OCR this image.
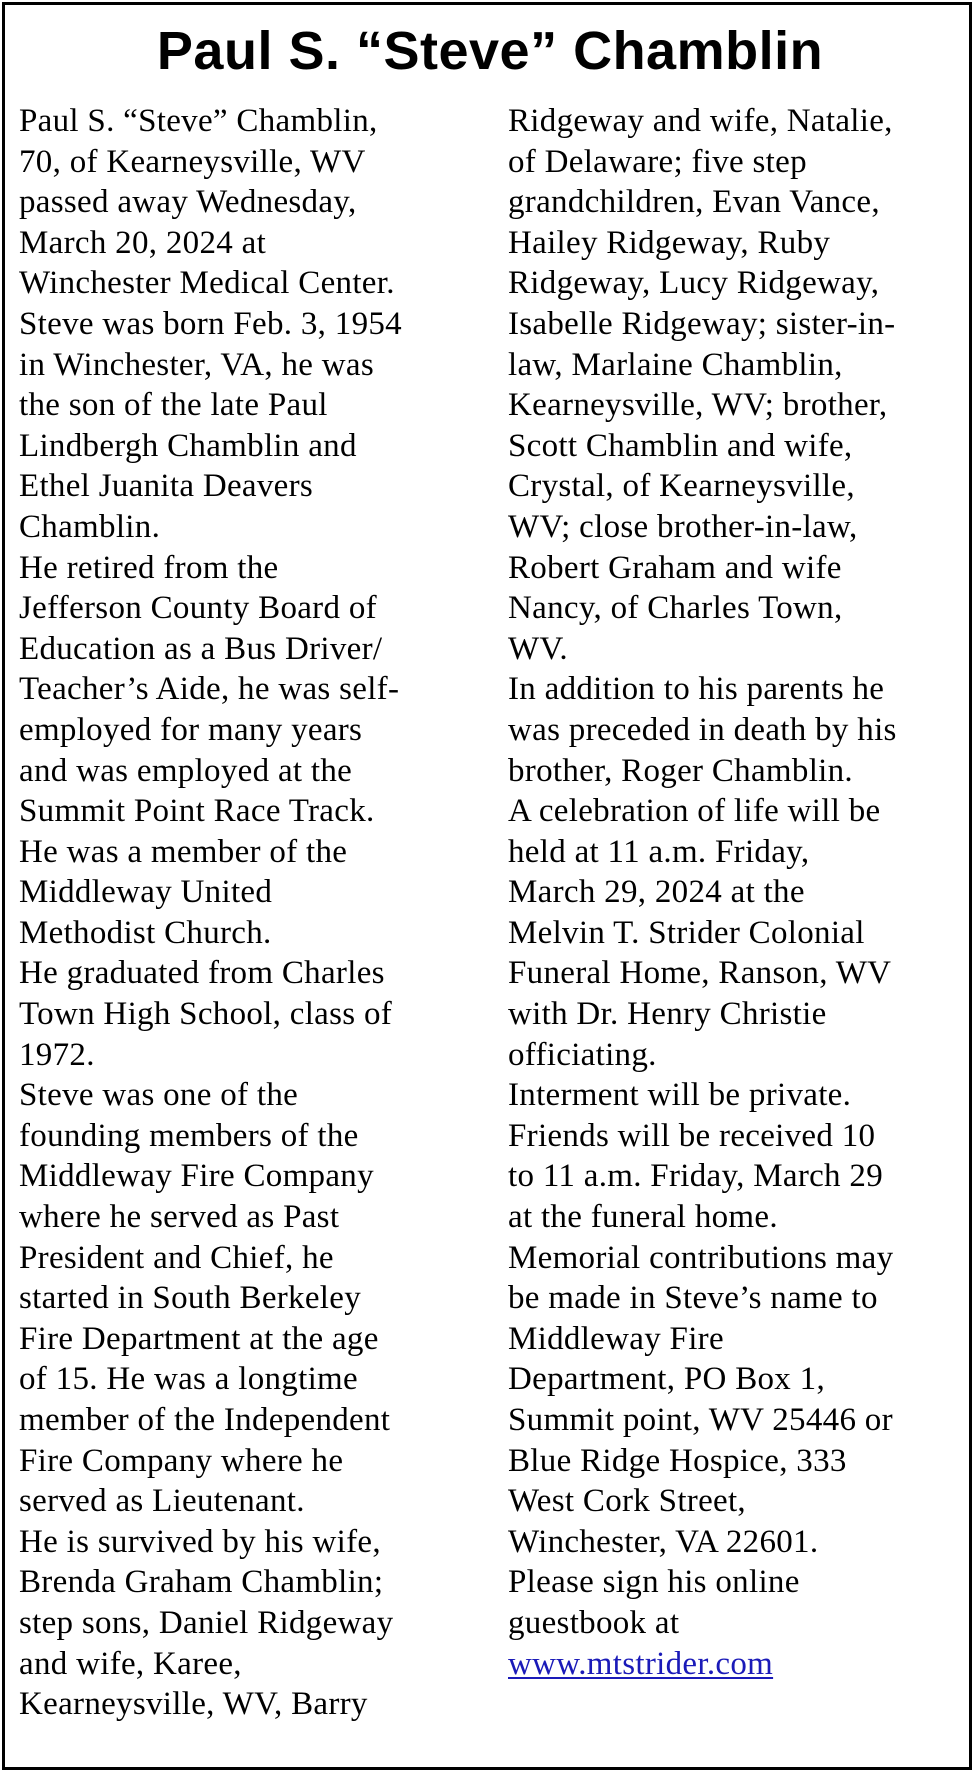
Paul S. “Steve” Chamblin
Paul S. “Steve” Chamblin,
70, of Kearneysville, WV
passed away Wednesday,
March 20, 2024 at
Winchester Medical Center.
Steve was born Feb. 3, 1954
in Winchester, VA, he was
the son of the late Paul
Lindbergh Chamblin and
Ethel Juanita Deavers
Chamblin.
He retired from the
Jefferson County Board of
Education as a Bus Driver/
Teacher’s Aide, he was self-
employed for many years
and was employed at the
Summit Point Race Track.
He was a member of the
Middleway United
Methodist Church.
He graduated from Charles
Town High School, class of
1972.
Steve was one of the
founding members of the
Middleway Fire Company
where he served as Past
President and Chief, he
started in South Berkeley
Fire Department at the age
of 15. He was a longtime
member of the Independent
Fire Company where he
served as Lieutenant.
He is survived by his wife,
Brenda Graham Chamblin;
step sons, Daniel Ridgeway
and wife, Karee,
Kearneysville, WV, Barry
Ridgeway and wife, Natalie,
of Delaware; five step
grandchildren, Evan Vance,
Hailey Ridgeway, Ruby
Ridgeway, Lucy Ridgeway,
Isabelle Ridgeway; sister-in-
law, Marlaine Chamblin,
Kearneysville, WV; brother,
Scott Chamblin and wife,
Crystal, of Kearneysville,
WV; close brother-in-law,
Robert Graham and wife
Nancy, of Charles Town,
WV.
In addition to his parents he
was preceded in death by his
brother, Roger Chamblin.
A celebration of life will be
held at 11 a.m. Friday,
March 29, 2024 at the
Melvin T. Strider Colonial
Funeral Home, Ranson, WV
with Dr. Henry Christie
officiating.
Interment will be private.
Friends will be received 10
to 11 a.m. Friday, March 29
at the funeral home.
Memorial contributions may
be made in Steve’s name to
Middleway Fire
Department, PO Box 1,
Summit point, WV 25446 or
Blue Ridge Hospice, 333
West Cork Street,
Winchester, VA 22601.
Please sign his online
guestbook at
www.mtstrider.com
